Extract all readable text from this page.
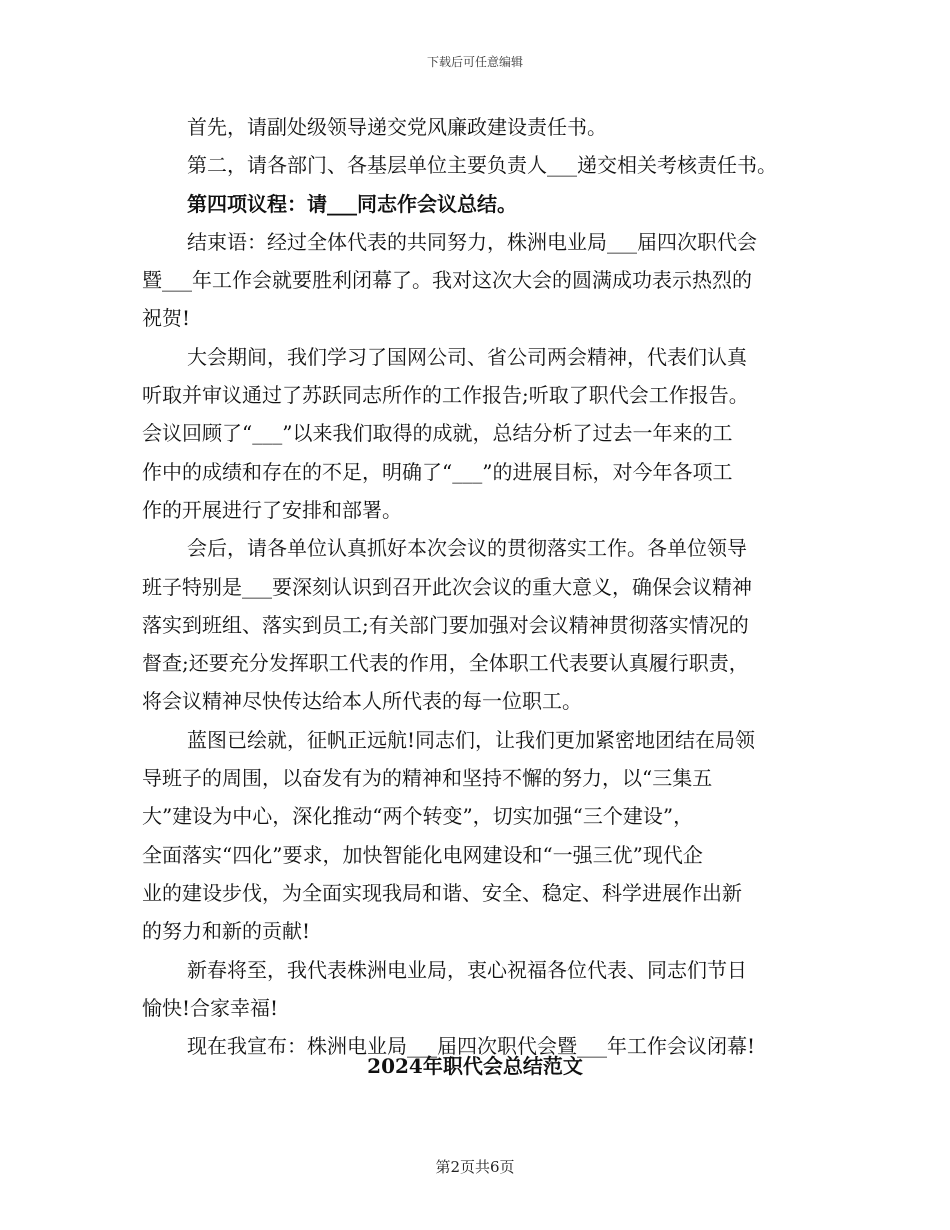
下载后可任意编辑
首先，请副处级领导递交党风廉政建设责任书。
第二，请各部门、各基层单位主要负责人___递交相关考核责任书。
第四项议程：请___同志作会议总结。
结束语：经过全体代表的共同努力，株洲电业局___届四次职代会
暨___年工作会就要胜利闭幕了。我对这次大会的圆满成功表示热烈的
祝贺!
大会期间，我们学习了国网公司、省公司两会精神，代表们认真
听取并审议通过了苏跃同志所作的工作报告;听取了职代会工作报告。
会议回顾了“___”以来我们取得的成就，总结分析了过去一年来的工
作中的成绩和存在的不足，明确了“___”的进展目标，对今年各项工
作的开展进行了安排和部署。
会后，请各单位认真抓好本次会议的贯彻落实工作。各单位领导
班子特别是___要深刻认识到召开此次会议的重大意义，确保会议精神
落实到班组、落实到员工;有关部门要加强对会议精神贯彻落实情况的
督查;还要充分发挥职工代表的作用，全体职工代表要认真履行职责，
将会议精神尽快传达给本人所代表的每一位职工。
蓝图已绘就，征帆正远航!同志们，让我们更加紧密地团结在局领
导班子的周围，以奋发有为的精神和坚持不懈的努力，以“三集五
大”建设为中心，深化推动“两个转变”，切实加强“三个建设”，
全面落实“四化”要求，加快智能化电网建设和“一强三优”现代企
业的建设步伐，为全面实现我局和谐、安全、稳定、科学进展作出新
的努力和新的贡献!
新春将至，我代表株洲电业局，衷心祝福各位代表、同志们节日
愉快!合家幸福!
现在我宣布：株洲电业局___届四次职代会暨___年工作会议闭幕!
2024年职代会总结范文
第2页共6页
